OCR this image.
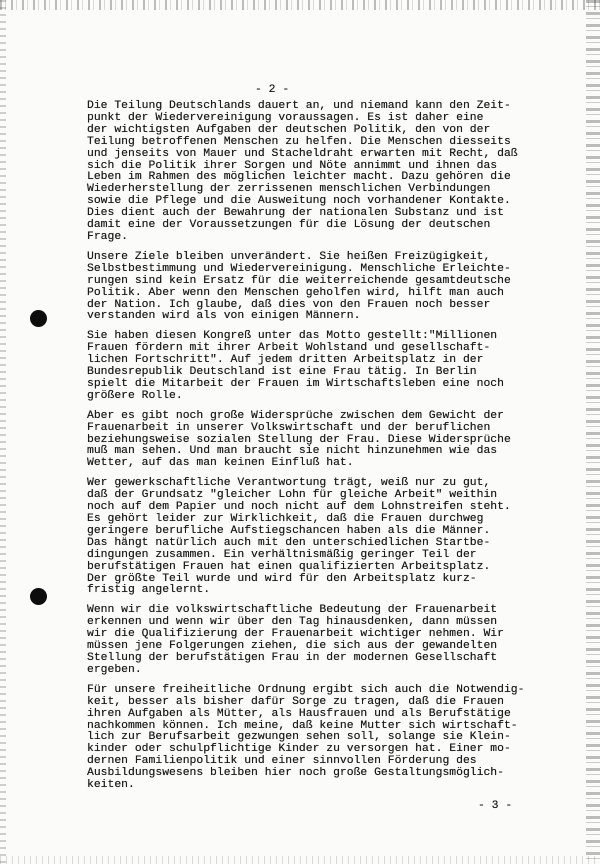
- 2 -

Die Teilung Deutschlands dauert an, und niemand kann den Zeit-
punkt der Wiedervereinigung voraussagen. Es ist daher eine
der wichtigsten Aufgaben der deutschen Politik, den von der
Teilung betroffenen Menschen zu helfen. Die Menschen diesseits
und jenseits von Mauer und Stacheldraht erwarten mit Recht, daß
sich die Politik ihrer Sorgen und Nöte annimmt und ihnen das
Leben im Rahmen des möglichen leichter macht. Dazu gehören die
Wiederherstellung der zerrissenen menschlichen Verbindungen
sowie die Pflege und die Ausweitung noch vorhandener Kontakte.
Dies dient auch der Bewahrung der nationalen Substanz und ist
damit eine der Voraussetzungen für die Lösung der deutschen
Frage.

Unsere Ziele bleiben unverändert. Sie heißen Freizügigkeit,
Selbstbestimmung und Wiedervereinigung. Menschliche Erleichte-
rungen sind kein Ersatz für die weiterreichende gesamtdeutsche
Politik. Aber wenn den Menschen geholfen wird, hilft man auch
der Nation. Ich glaube, daß dies von den Frauen noch besser
verstanden wird als von einigen Männern.

Sie haben diesen Kongreß unter das Motto gestellt:"Millionen
Frauen fördern mit ihrer Arbeit Wohlstand und gesellschaft-
lichen Fortschritt". Auf jedem dritten Arbeitsplatz in der
Bundesrepublik Deutschland ist eine Frau tätig. In Berlin
spielt die Mitarbeit der Frauen im Wirtschaftsleben eine noch
größere Rolle.

Aber es gibt noch große Widersprüche zwischen dem Gewicht der
Frauenarbeit in unserer Volkswirtschaft und der beruflichen
beziehungsweise sozialen Stellung der Frau. Diese Widersprüche
muß man sehen. Und man braucht sie nicht hinzunehmen wie das
Wetter, auf das man keinen Einfluß hat.

Wer gewerkschaftliche Verantwortung trägt, weiß nur zu gut,
daß der Grundsatz "gleicher Lohn für gleiche Arbeit" weithin
noch auf dem Papier und noch nicht auf dem Lohnstreifen steht.
Es gehört leider zur Wirklichkeit, daß die Frauen durchweg
geringere berufliche Aufstiegschancen haben als die Männer.
Das hängt natürlich auch mit den unterschiedlichen Startbe-
dingungen zusammen. Ein verhältnismäßig geringer Teil der
berufstätigen Frauen hat einen qualifizierten Arbeitsplatz.
Der größte Teil wurde und wird für den Arbeitsplatz kurz-
fristig angelernt.

Wenn wir die volkswirtschaftliche Bedeutung der Frauenarbeit
erkennen und wenn wir über den Tag hinausdenken, dann müssen
wir die Qualifizierung der Frauenarbeit wichtiger nehmen. Wir
müssen jene Folgerungen ziehen, die sich aus der gewandelten
Stellung der berufstätigen Frau in der modernen Gesellschaft
ergeben.

Für unsere freiheitliche Ordnung ergibt sich auch die Notwendig-
keit, besser als bisher dafür Sorge zu tragen, daß die Frauen
ihren Aufgaben als Mütter, als Hausfrauen und als Berufstätige
nachkommen können. Ich meine, daß keine Mutter sich wirtschaft-
lich zur Berufsarbeit gezwungen sehen soll, solange sie Klein-
kinder oder schulpflichtige Kinder zu versorgen hat. Einer mo-
dernen Familienpolitik und einer sinnvollen Förderung des
Ausbildungswesens bleiben hier noch große Gestaltungsmöglich-
keiten.

- 3 -
